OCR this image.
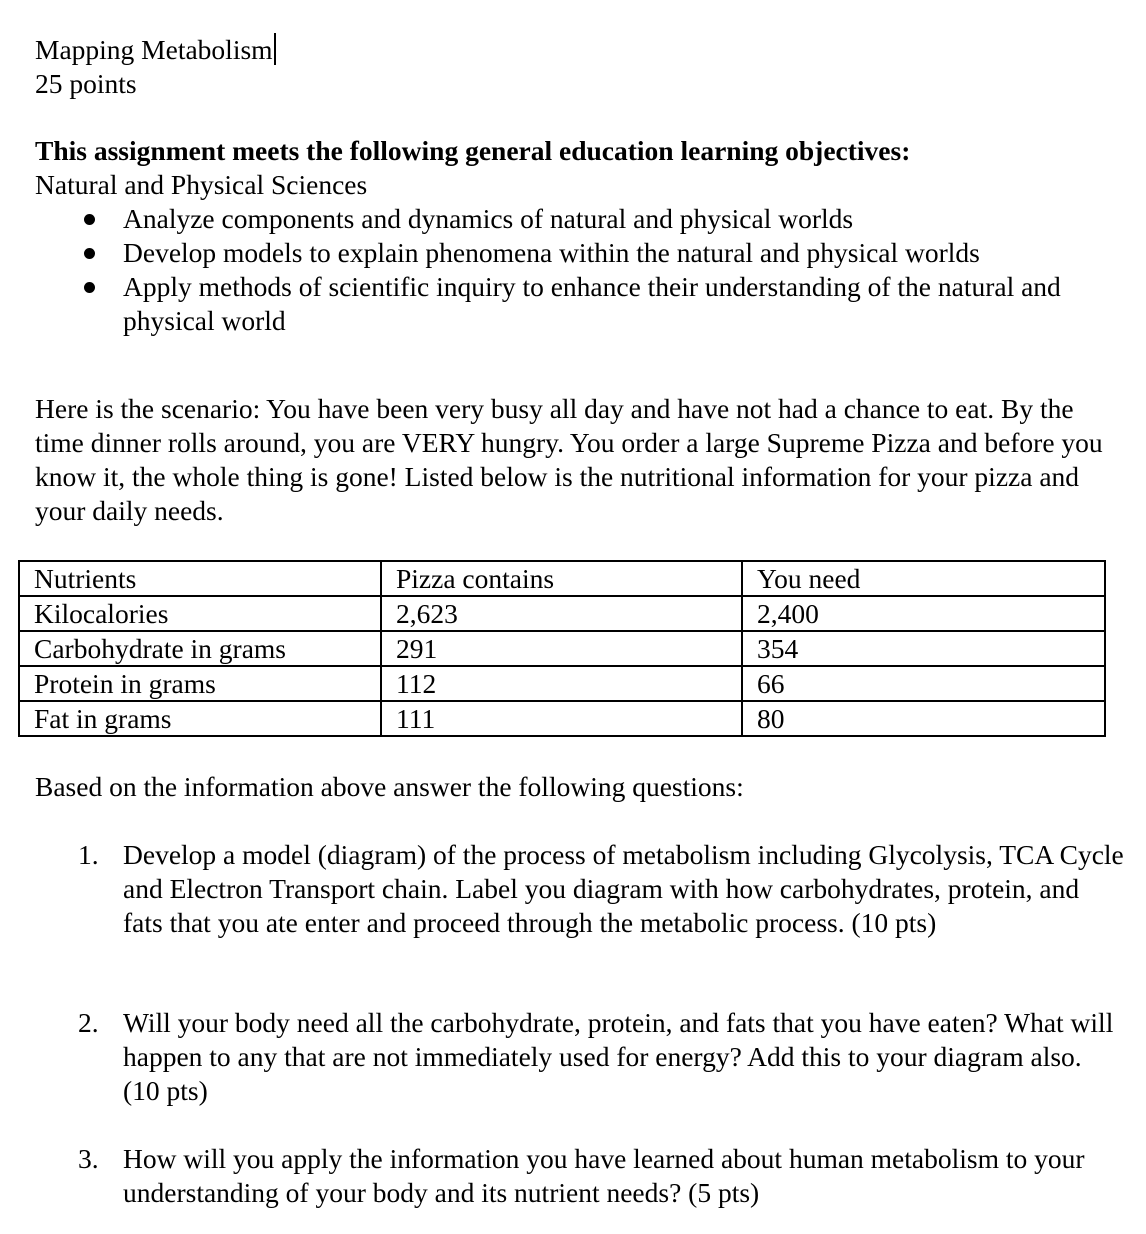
Mapping Metabolism
25 points
This assignment meets the following general education learning objectives:
Natural and Physical Sciences
Analyze components and dynamics of natural and physical worlds
Develop models to explain phenomena within the natural and physical worlds
Apply methods of scientific inquiry to enhance their understanding of the natural and physical world
Here is the scenario: You have been very busy all day and have not had a chance to eat. By the time dinner rolls around, you are VERY hungry. You order a large Supreme Pizza and before you know it, the whole thing is gone! Listed below is the nutritional information for your pizza and your daily needs.
Nutrients	Pizza contains	You need
Kilocalories	2,623	2,400
Carbohydrate in grams	291	354
Protein in grams	112	66
Fat in grams	111	80
Based on the information above answer the following questions:
1. Develop a model (diagram) of the process of metabolism including Glycolysis, TCA Cycle and Electron Transport chain. Label you diagram with how carbohydrates, protein, and fats that you ate enter and proceed through the metabolic process. (10 pts)
2. Will your body need all the carbohydrate, protein, and fats that you have eaten? What will happen to any that are not immediately used for energy? Add this to your diagram also. (10 pts)
3. How will you apply the information you have learned about human metabolism to your understanding of your body and its nutrient needs? (5 pts)
